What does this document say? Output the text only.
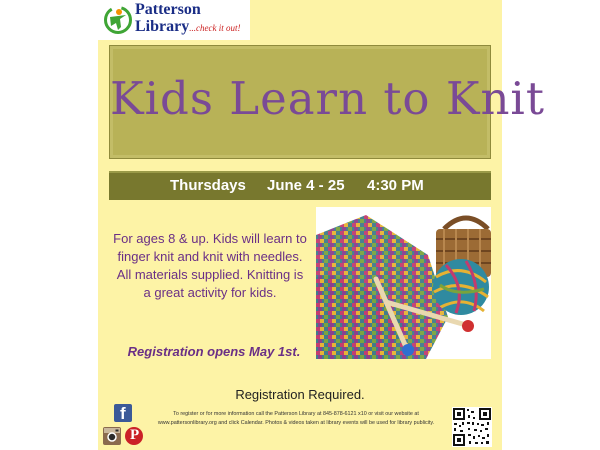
Patterson
Library...check it out!
Kids Learn to Knit
Thursdays June 4 - 25 4:30 PM
For ages 8 & up. Kids will learn to finger knit and knit with needles. All materials supplied. Knitting is a great activity for kids.
Registration opens May 1st.
Registration Required.
f
P
To register or for more information call the Patterson Library at 845-878-6121 x10 or visit our website at www.pattersonlibrary.org and click Calendar. Photos & videos taken at library events will be used for library publicity.
